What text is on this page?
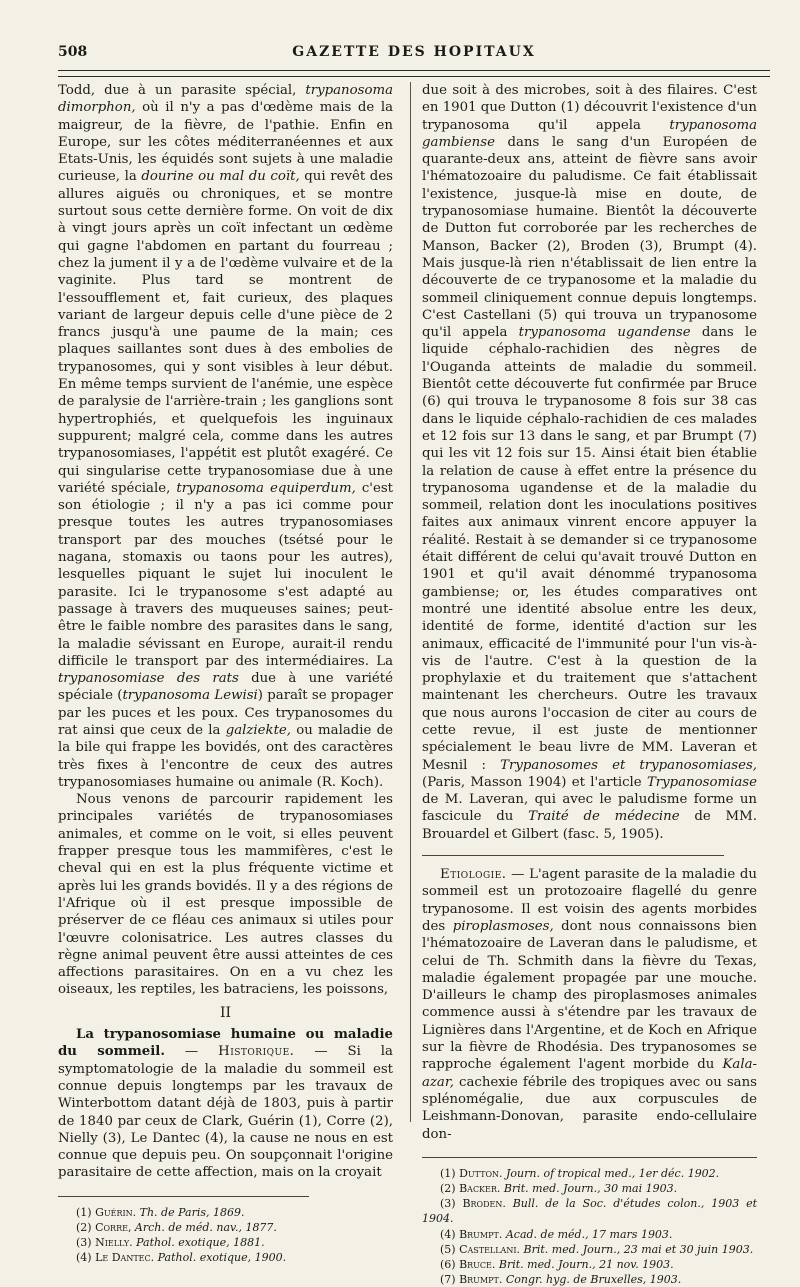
508	GAZETTE DES HOPITAUX

Todd, due à un parasite spécial, trypanosoma dimorphon, où il n'y a pas d'œdème mais de la maigreur, de la fièvre, de l'pathie. Enfin en Europe, sur les côtes méditerranéennes et aux Etats-Unis, les équidés sont sujets à une maladie curieuse, la dourine ou mal du coït, qui revêt des allures aiguës ou chroniques, et se montre surtout sous cette dernière forme. On voit de dix à vingt jours après un coït infectant un œdème qui gagne l'abdomen en partant du fourreau ; chez la jument il y a de l'œdème vulvaire et de la vaginite. Plus tard se montrent de l'essoufflement et, fait curieux, des plaques variant de largeur depuis celle d'une pièce de 2 francs jusqu'à une paume de la main; ces plaques saillantes sont dues à des embolies de trypanosomes, qui y sont visibles à leur début. En même temps survient de l'anémie, une espèce de paralysie de l'arrière-train ; les ganglions sont hypertrophiés, et quelquefois les inguinaux suppurent; malgré cela, comme dans les autres trypanosomiases, l'appétit est plutôt exagéré. Ce qui singularise cette trypanosomiase due à une variété spéciale, trypanosoma equiperdum, c'est son étiologie ; il n'y a pas ici comme pour presque toutes les autres trypanosomiases transport par des mouches (tsétsé pour le nagana, stomaxis ou taons pour les autres), lesquelles piquant le sujet lui inoculent le parasite. Ici le trypanosome s'est adapté au passage à travers des muqueuses saines; peut-être le faible nombre des parasites dans le sang, la maladie sévissant en Europe, aurait-il rendu difficile le transport par des intermédiaires. La trypanosomiase des rats due à une variété spéciale (trypanosoma Lewisi) paraît se propager par les puces et les poux. Ces trypanosomes du rat ainsi que ceux de la galziekte, ou maladie de la bile qui frappe les bovidés, ont des caractères très fixes à l'encontre de ceux des autres trypanosomiases humaine ou animale (R. Koch).

Nous venons de parcourir rapidement les principales variétés de trypanosomiases animales, et comme on le voit, si elles peuvent frapper presque tous les mammifères, c'est le cheval qui en est la plus fréquente victime et après lui les grands bovidés. Il y a des régions de l'Afrique où il est presque impossible de préserver de ce fléau ces animaux si utiles pour l'œuvre colonisatrice. Les autres classes du règne animal peuvent être aussi atteintes de ces affections parasitaires. On en a vu chez les oiseaux, les reptiles, les batraciens, les poissons,

II

La trypanosomiase humaine ou maladie du sommeil. — Historique. — Si la symptomatologie de la maladie du sommeil est connue depuis longtemps par les travaux de Winterbottom datant déjà de 1803, puis à partir de 1840 par ceux de Clark, Guérin (1), Corre (2), Nielly (3), Le Dantec (4), la cause ne nous en est connue que depuis peu. On soupçonnait l'origine parasitaire de cette affection, mais on la croyait

(1) Guérin. Th. de Paris, 1869.

(2) Corre, Arch. de méd. nav., 1877.

(3) Nielly. Pathol. exotique, 1881.

(4) Le Dantec. Pathol. exotique, 1900.

due soit à des microbes, soit à des filaires. C'est en 1901 que Dutton (1) découvrit l'existence d'un trypanosoma qu'il appela trypanosoma gambiense dans le sang d'un Européen de quarante-deux ans, atteint de fièvre sans avoir l'hématozoaire du paludisme. Ce fait établissait l'existence, jusque-là mise en doute, de trypanosomiase humaine. Bientôt la découverte de Dutton fut corroborée par les recherches de Manson, Backer (2), Broden (3), Brumpt (4). Mais jusque-là rien n'établissait de lien entre la découverte de ce trypanosome et la maladie du sommeil cliniquement connue depuis longtemps. C'est Castellani (5) qui trouva un trypanosome qu'il appela trypanosoma ugandense dans le liquide céphalo-rachidien des nègres de l'Ouganda atteints de maladie du sommeil. Bientôt cette découverte fut confirmée par Bruce (6) qui trouva le trypanosome 8 fois sur 38 cas dans le liquide céphalo-rachidien de ces malades et 12 fois sur 13 dans le sang, et par Brumpt (7) qui les vit 12 fois sur 15. Ainsi était bien établie la relation de cause à effet entre la présence du trypanosoma ugandense et de la maladie du sommeil, relation dont les inoculations positives faites aux animaux vinrent encore appuyer la réalité. Restait à se demander si ce trypanosome était différent de celui qu'avait trouvé Dutton en 1901 et qu'il avait dénommé trypanosoma gambiense; or, les études comparatives ont montré une identité absolue entre les deux, identité de forme, identité d'action sur les animaux, efficacité de l'immunité pour l'un vis-à-vis de l'autre. C'est à la question de la prophylaxie et du traitement que s'attachent maintenant les chercheurs. Outre les travaux que nous aurons l'occasion de citer au cours de cette revue, il est juste de mentionner spécialement le beau livre de MM. Laveran et Mesnil : Trypanosomes et trypanosomiases,(Paris, Masson 1904) et l'article Trypanosomiase de M. Laveran, qui avec le paludisme forme un fascicule du Traité de médecine de MM. Brouardel et Gilbert (fasc. 5, 1905).

Etiologie. — L'agent parasite de la maladie du sommeil est un protozoaire flagellé du genre trypanosome. Il est voisin des agents morbides des piroplasmoses, dont nous connaissons bien l'hématozoaire de Laveran dans le paludisme, et celui de Th. Schmith dans la fièvre du Texas, maladie également propagée par une mouche. D'ailleurs le champ des piroplasmoses animales commence aussi à s'étendre par les travaux de Lignières dans l'Argentine, et de Koch en Afrique sur la fièvre de Rhodésia. Des trypanosomes se rapproche également l'agent morbide du Kala-azar, cachexie fébrile des tropiques avec ou sans splénomégalie, due aux corpuscules de Leishmann-Donovan, parasite endo-cellulaire don-

(1) Dutton. Journ. of tropical med., 1er déc. 1902.

(2) Backer. Brit. med. Journ., 30 mai 1903.

(3) Broden. Bull. de la Soc. d'études colon., 1903 et 1904.

(4) Brumpt. Acad. de méd., 17 mars 1903.

(5) Castellani. Brit. med. Journ., 23 mai et 30 juin 1903.

(6) Bruce. Brit. med. Journ., 21 nov. 1903.

(7) Brumpt. Congr. hyg. de Bruxelles, 1903.
